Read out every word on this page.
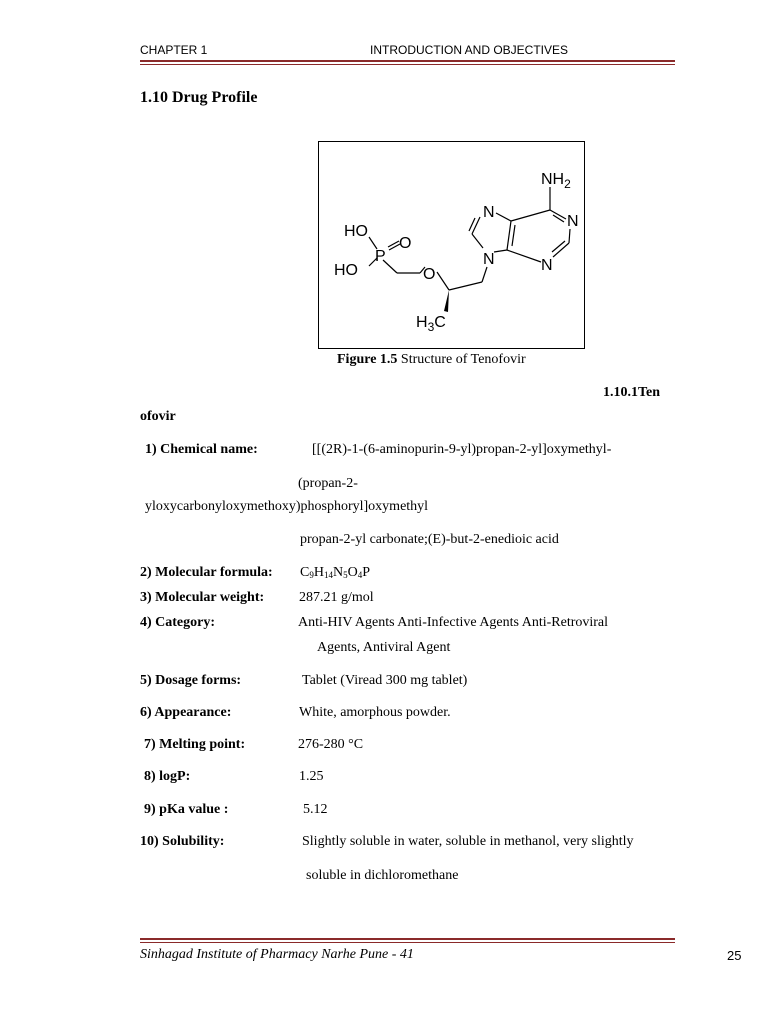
CHAPTER 1	INTRODUCTION AND OBJECTIVES
1.10 Drug Profile
HO
HO
P
O
O
N
N
N
N
$NH_2$
$H_3C$
Figure 1.5 Structure of Tenofovir
1.10.1Ten
ofovir
1) Chemical name:	[[(2R)-1-(6-aminopurin-9-yl)propan-2-yl]oxymethyl-
(propan-2-
yloxycarbonyloxymethoxy)phosphoryl]oxymethyl
propan-2-yl carbonate;(E)-but-2-enedioic acid
2) Molecular formula: $C_9H_{14}N_5O_4P$
3) Molecular weight: 287.21 g/mol
4) Category:	Anti-HIV Agents Anti-Infective Agents Anti-Retroviral
Agents, Antiviral Agent
5) Dosage forms:	Tablet (Viread 300 mg tablet)
6) Appearance:	White, amorphous powder.
7) Melting point:	276-280 °C
8) logP:	1.25
9) pKa value :	5.12
10) Solubility:	Slightly soluble in water, soluble in methanol, very slightly
soluble in dichloromethane
Sinhagad Institute of Pharmacy Narhe Pune - 41	25
